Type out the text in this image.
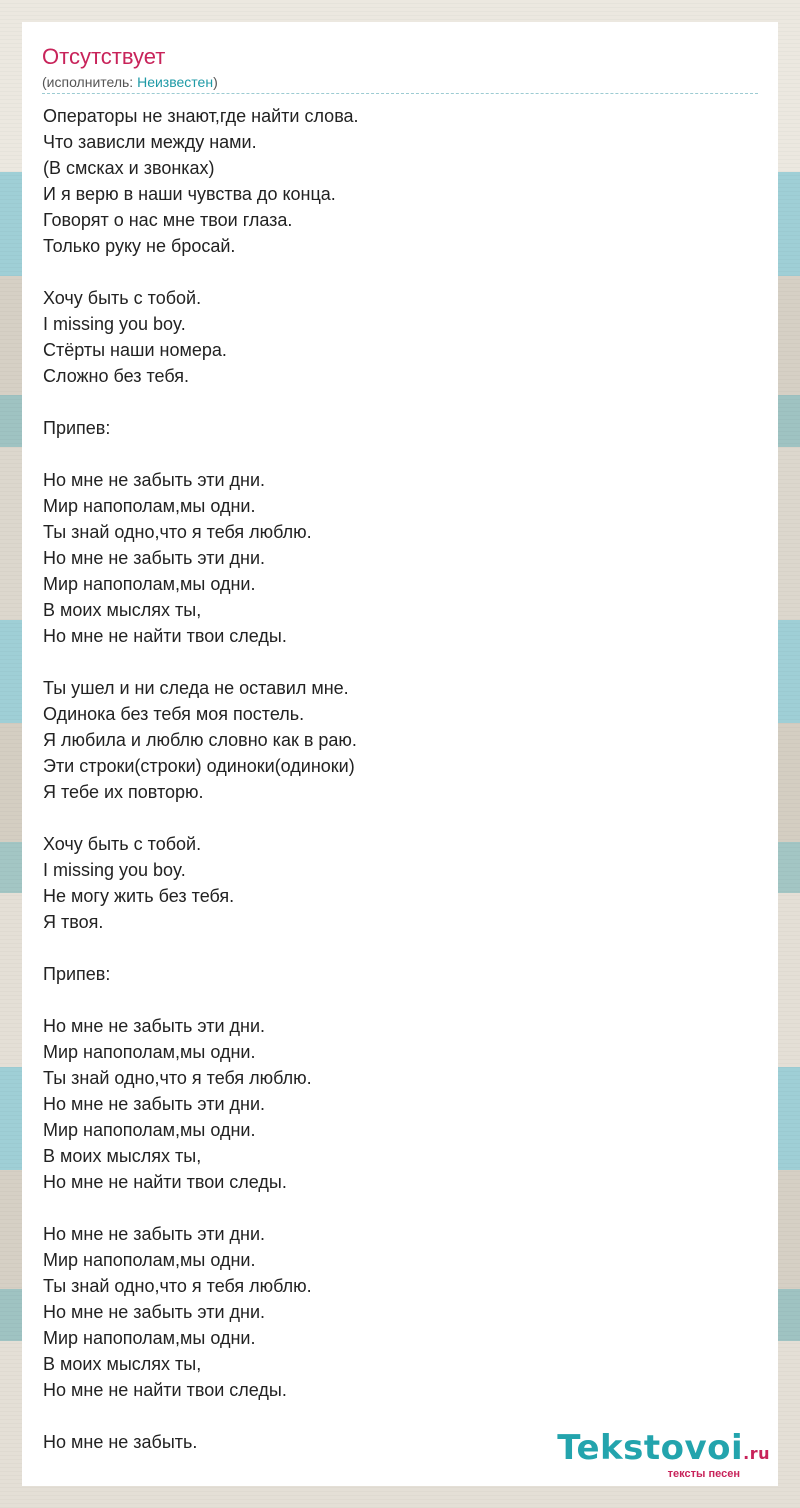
Отсутствует
(исполнитель: Неизвестен)
Операторы не знают,где найти слова.
Что зависли между нами.
(В смсках и звонках)
И я верю в наши чувства до конца.
Говорят о нас мне твои глаза.
Только руку не бросай.
Хочу быть с тобой.
I missing you boy.
Стёрты наши номера.
Сложно без тебя.
Припев:
Но мне не забыть эти дни.
Мир напополам,мы одни.
Ты знай одно,что я тебя люблю.
Но мне не забыть эти дни.
Мир напополам,мы одни.
В моих мыслях ты,
Но мне не найти твои следы.
Ты ушел и ни следа не оставил мне.
Одинока без тебя моя постель.
Я любила и люблю словно как в раю.
Эти строки(строки) одиноки(одиноки)
Я тебе их повторю.
Хочу быть с тобой.
I missing you boy.
Не могу жить без тебя.
Я твоя.
Припев:
Но мне не забыть эти дни.
Мир напополам,мы одни.
Ты знай одно,что я тебя люблю.
Но мне не забыть эти дни.
Мир напополам,мы одни.
В моих мыслях ты,
Но мне не найти твои следы.
Но мне не забыть эти дни.
Мир напополам,мы одни.
Ты знай одно,что я тебя люблю.
Но мне не забыть эти дни.
Мир напополам,мы одни.
В моих мыслях ты,
Но мне не найти твои следы.
Но мне не забыть.	Tekstovoi.ru
тексты песен
